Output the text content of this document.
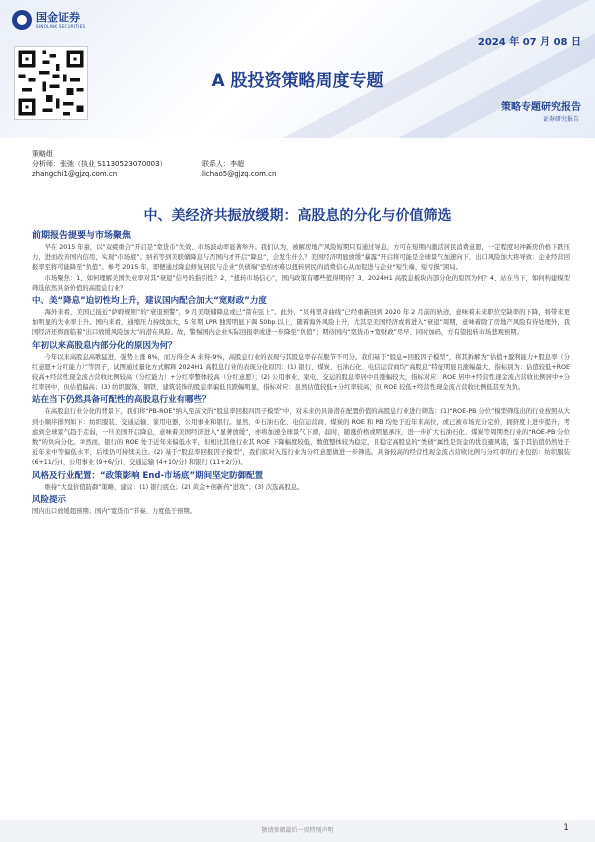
国金证券
SINOLINK SECURITIES
2024 年 07 月 08 日
A 股投资策略周度专题
策略专题研究报告
证券研究报告
策略组
分析师：张弛（执业 S1130523070003）	联系人：李超
zhangchi1@gjzq.com.cn	lichao5@gjzq.com.cn
中、美经济共振放缓期：高股息的分化与价值筛选
前期报告提要与市场聚焦

早在 2015 年童，以“双疲重合”开启是“宽货币”失效、市场波动率显著举升。我们认为，被解房地产风险短期只有通过导息，方可在短期内激活居民消费意愿，一定程度对冲新房价格下跌压力，进而改善国内信用，实现“市场底”。纳若等到美联储降息与否国内才开启“降息”，会发生什么？美国经济明显放缓“暴露”开启将可能是全球景气加速向下，出口风险加大将导致：企业经营回报率至将可能降至“负值”。参考 2015 年，即便通过降息修复居民与企业“负债端”恐怕亦难以扭转居民的消费信心从而促进与企业“短生端、短亏损”困局。

市场聚焦：1、如何理解美国失业率对其“衰退”信号的指引性？2、“扭转市场信心”，国内政策有哪些值得期待？3、2024H1 高股息板块内部分化的原因为何？4、站在当下，如何构建模型筛选依然具备价值的高股息行业？

中、美“降息”迫切性均上升，建议国内配合加大“宽财政”力度

海外来看，美国已接近“萨姆规则”的“衰退预警”，9 月美联储降息或已“箭在弦上”。此外，“贝弗里奇曲线”已经重新回到 2020 年 2 月前的轨迹，意味着未来职位空缺率的下降，将带来更加明显的失业率上升。国内来看，通缩压力持续加大，5 年期 LPR 独需明显下调 50bp 以上，随着海外风险上升，尤其是美国经济或将进入“衰退”周期，意味着除了房地产风险有待处理外，我国经济还将面临着“出口放缓风险加大”的潜在风险。故，警惕国内企业实际回报率或进一步降至“负值”；期待国内“宽货币+宽财政”尽早、同时加码，方有望扭转市场悲观预期。

年初以来高股息内部分化的原因为何？

今年以来高股息高歌猛进，强势上涨 8%，而万得全 A 来得-9%，高股息行业的表现与其股息率存在脱节不可分。我们基于“股息=回报因子模型”，将其拆解为“估值+盈利能力+股息率（分红意愿+分红能力）”等因子，试图通过量化方式解释 2024H1 高股息行业的表现分化原因：(1) 银行、煤炭、石油石化、电信运营商均“高股息”特征明显且涨幅最大，指标别为：估值较低+ROE 较高+经营性现金流占营收比例较高（分红能力）+分红率整体较高（分红意愿）；(2) 公用事业、家电、交运的股息率居中且涨幅较大，指标对应：ROE 居中+经营性现金流占营收比例居中+分红率居中，但估值偏高；(3) 纺织服饰、钢铁、建筑装饰的股息率偏低且跌幅明显，指标对应：虽然估值较低+分红率较高，但 ROE 较低+经营性现金流占营收比例低甚至为负。

站在当下仍然具备可配性的高股息行业有哪些？

在高股息行业分化的背景下，我们将“PB-ROE”纳入至前文的“股息率回报四因子模型”中，对未来仍具备潜在配置价值的高股息行业进行筛选：(1)“ROE-PB 分位”模型筛选出的行业按照从大到小顺序排列如下：纺织服装、交通运输、家用电器、公用事业和银行。显然，①石油石化、电信运营商、煤炭的 ROE 和 PB 均处于近年来高位，或已被市场充分定价，拥挤度上进步提升，考虑到全球景气趋于走弱，一旦美国开启降息，意味着美国经济进入“显著放缓”，亦将加速全球景气下滑，届时，随涨价格或明显承压，进一步扩大石油石化、煤炭等周期类行业的“ROE-PB 分位数”的负向分化。②然而，银行的 ROE 处于近年来偏低水平，但相比其他行业其 ROE 下降幅度较低，数值整体较为稳定，且稳定高股息的“类债”属性是资金的优良避风港，鉴于其估值仍然处于近年来中等偏低水平，后续仍可持续关注。(2) 基于“股息率回报因子模型”，我们拟对入选行业为分红意愿做进一步筛选。具备较高的经营性现金流占营收比例与分红率的行业包括：纺织服装 (6+11/分)、公用事业 (9+6/分)、交通运输 (4+10/分) 和银行 (11+2/分)。

风格及行业配置：“政策影响 End-市场底”期间坚定防御配置

维持“大盘价值防御”策略，建议：(1) 银行底仓；(2) 黄金+创新药“进攻”；(3) 次选高股息。

风险提示

国内出口放缓超预期；国内“宽货币”节奏、力度低于预期。

敬请参阅最后一页特别声明	1
